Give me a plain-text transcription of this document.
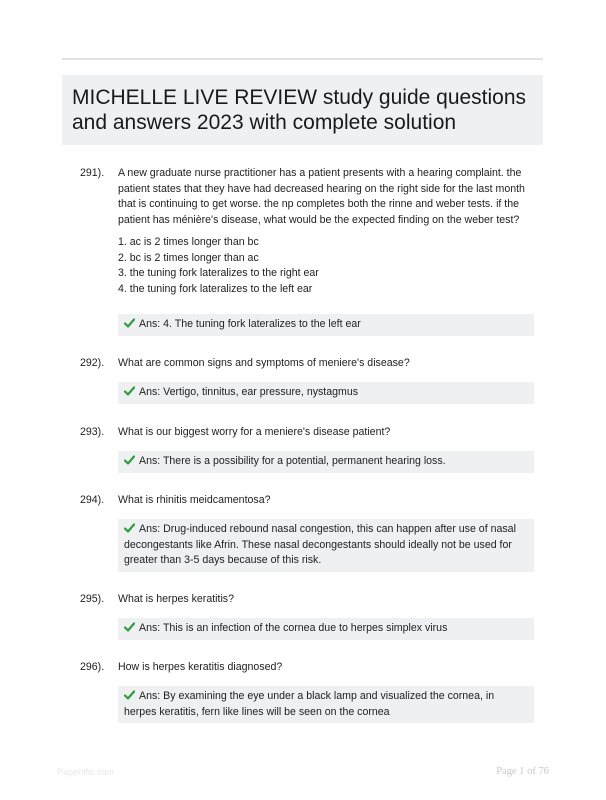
MICHELLE LIVE REVIEW study guide questions and answers 2023 with complete solution
291).	A new graduate nurse practitioner has a patient presents with a hearing complaint. the patient states that they have had decreased hearing on the right side for the last month that is continuing to get worse. the np completes both the rinne and weber tests. if the patient has ménière's disease, what would be the expected finding on the weber test?

1. ac is 2 times longer than bc
2. bc is 2 times longer than ac
3. the tuning fork lateralizes to the right ear
4. the tuning fork lateralizes to the left ear
Ans: 4. The tuning fork lateralizes to the left ear
292).	What are common signs and symptoms of meniere's disease?

Ans: Vertigo, tinnitus, ear pressure, nystagmus
293).	What is our biggest worry for a meniere's disease patient?

Ans: There is a possibility for a potential, permanent hearing loss.
294).	What is rhinitis meidcamentosa?

Ans: Drug-induced rebound nasal congestion, this can happen after use of nasal decongestants like Afrin. These nasal decongestants should ideally not be used for greater than 3-5 days because of this risk.
295).	What is herpes keratitis?

Ans: This is an infection of the cornea due to herpes simplex virus
296).	How is herpes keratitis diagnosed?

Ans: By examining the eye under a black lamp and visualized the cornea, in herpes keratitis, fern like lines will be seen on the cornea
Papertific.com	Page 1 of 76
